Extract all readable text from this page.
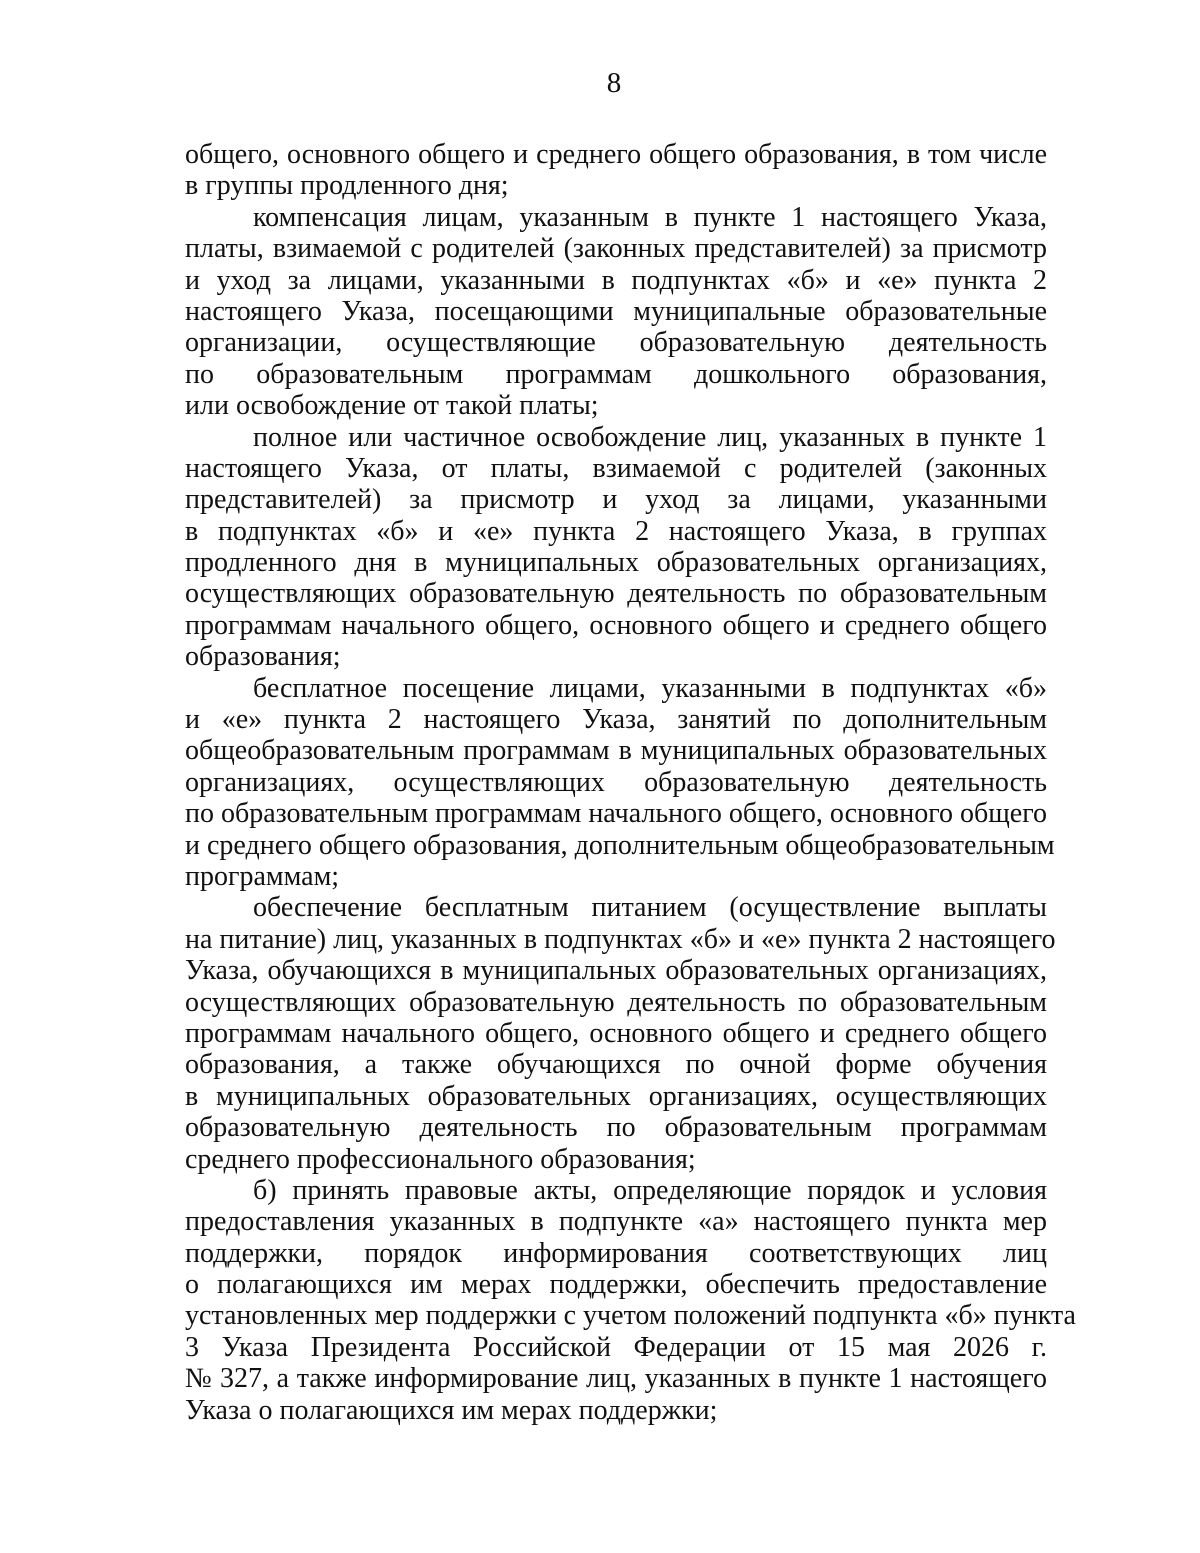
8
общего, основного общего и среднего общего образования, в том числе
в группы продленного дня;
компенсация лицам, указанным в пункте 1 настоящего Указа,
платы, взимаемой с родителей (законных представителей) за присмотр
и уход за лицами, указанными в подпунктах «б» и «е» пункта 2
настоящего Указа, посещающими муниципальные образовательные
организации, осуществляющие образовательную деятельность
по образовательным программам дошкольного образования,
или освобождение от такой платы;
полное или частичное освобождение лиц, указанных в пункте 1
настоящего Указа, от платы, взимаемой с родителей (законных
представителей) за присмотр и уход за лицами, указанными
в подпунктах «б» и «е» пункта 2 настоящего Указа, в группах
продленного дня в муниципальных образовательных организациях,
осуществляющих образовательную деятельность по образовательным
программам начального общего, основного общего и среднего общего
образования;
бесплатное посещение лицами, указанными в подпунктах «б»
и «е» пункта 2 настоящего Указа, занятий по дополнительным
общеобразовательным программам в муниципальных образовательных
организациях, осуществляющих образовательную деятельность
по образовательным программам начального общего, основного общего
и среднего общего образования, дополнительным общеобразовательным
программам;
обеспечение бесплатным питанием (осуществление выплаты
на питание) лиц, указанных в подпунктах «б» и «е» пункта 2 настоящего
Указа, обучающихся в муниципальных образовательных организациях,
осуществляющих образовательную деятельность по образовательным
программам начального общего, основного общего и среднего общего
образования, а также обучающихся по очной форме обучения
в муниципальных образовательных организациях, осуществляющих
образовательную деятельность по образовательным программам
среднего профессионального образования;
б) принять правовые акты, определяющие порядок и условия
предоставления указанных в подпункте «а» настоящего пункта мер
поддержки, порядок информирования соответствующих лиц
о полагающихся им мерах поддержки, обеспечить предоставление
установленных мер поддержки с учетом положений подпункта «б» пункта
3 Указа Президента Российской Федерации от 15 мая 2026 г.
№ 327, а также информирование лиц, указанных в пункте 1 настоящего
Указа о полагающихся им мерах поддержки;
